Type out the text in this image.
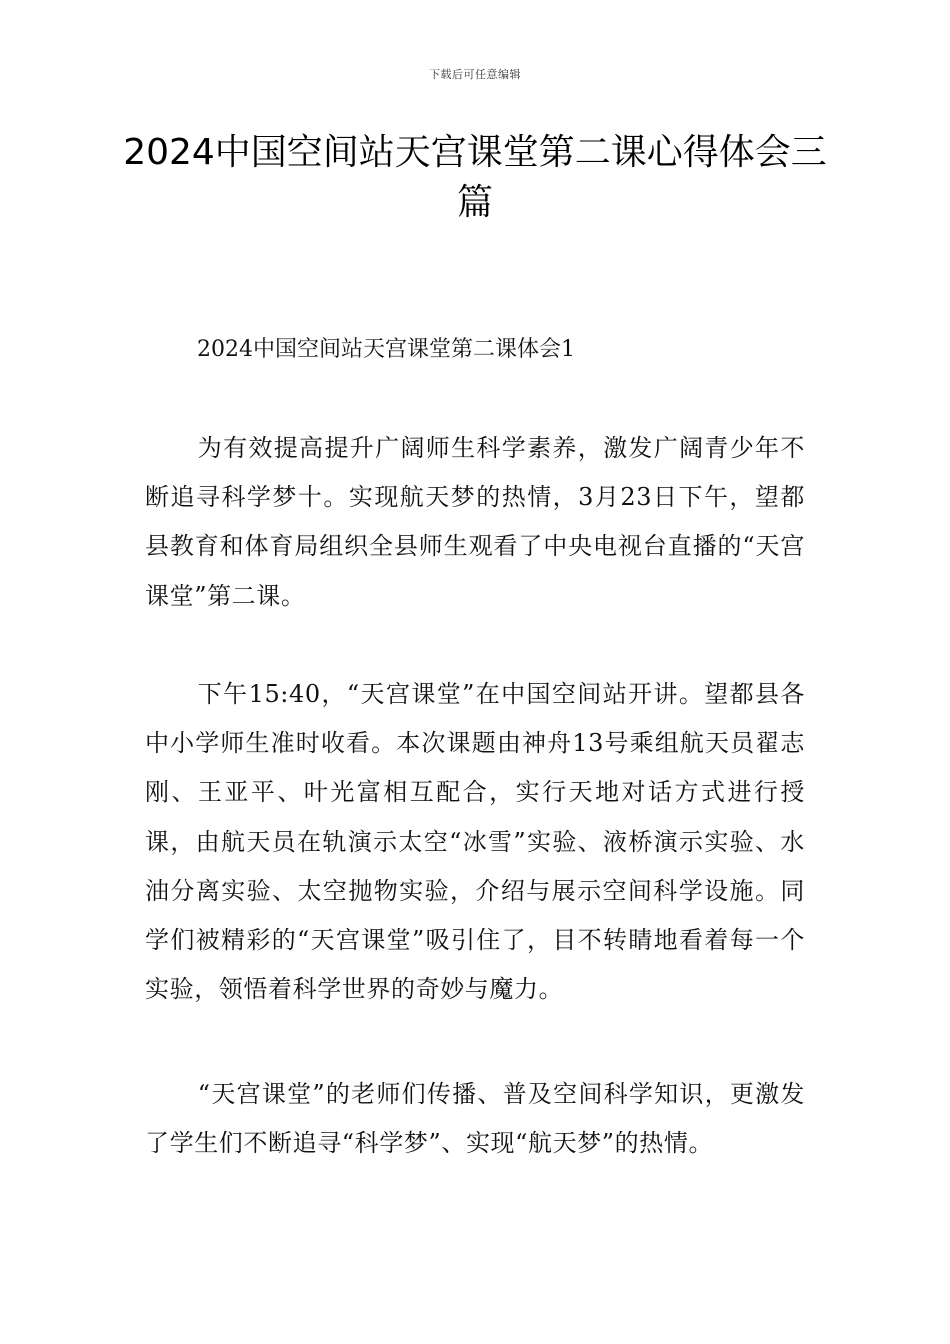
下载后可任意编辑
2024中国空间站天宫课堂第二课心得体会三篇
2024中国空间站天宫课堂第二课体会1

为有效提高提升广阔师生科学素养，激发广阔青少年不断追寻科学梦十。实现航天梦的热情，3月23日下午，望都县教育和体育局组织全县师生观看了中央电视台直播的“天宫课堂”第二课。

下午15:40，“天宫课堂”在中国空间站开讲。望都县各中小学师生准时收看。本次课题由神舟13号乘组航天员翟志刚、王亚平、叶光富相互配合，实行天地对话方式进行授课，由航天员在轨演示太空“冰雪”实验、液桥演示实验、水油分离实验、太空抛物实验，介绍与展示空间科学设施。同学们被精彩的“天宫课堂”吸引住了，目不转睛地看着每一个实验，领悟着科学世界的奇妙与魔力。

“天宫课堂”的老师们传播、普及空间科学知识，更激发了学生们不断追寻“科学梦”、实现“航天梦”的热情。
